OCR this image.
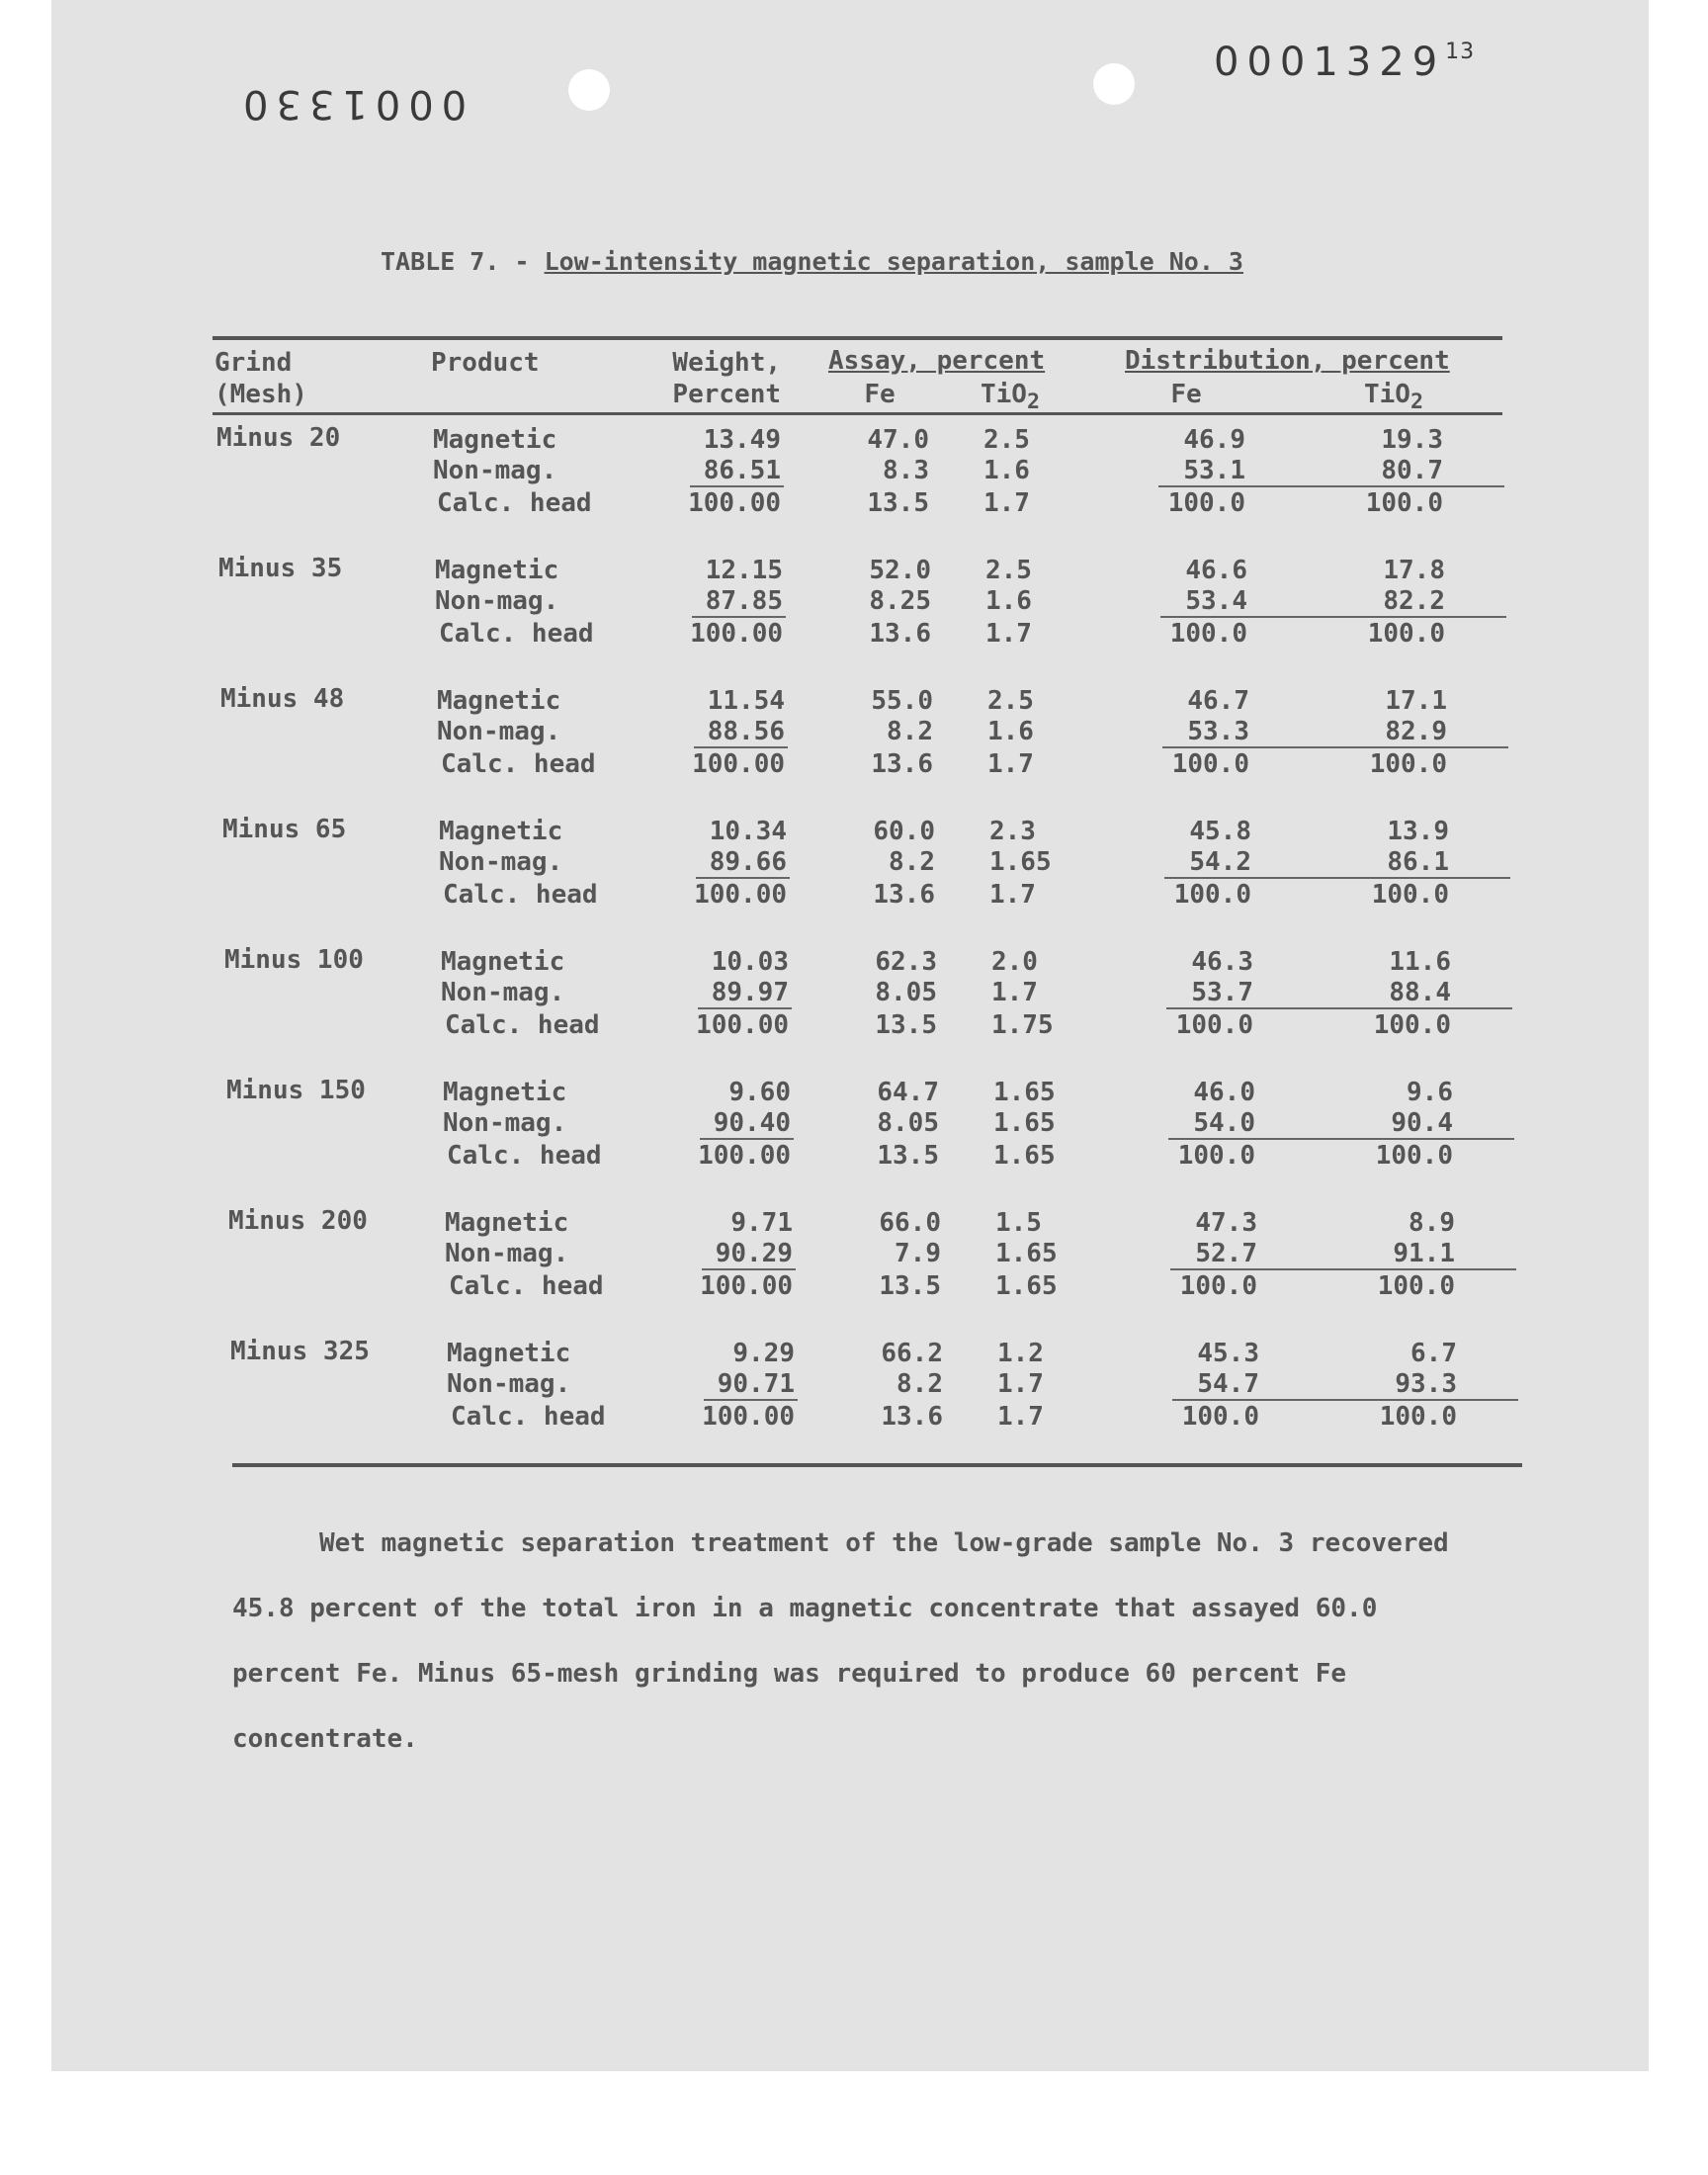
0001330
0001329$^{13}$
TABLE 7. - Low-intensity magnetic separation, sample No. 3
Grind
(Mesh)
Product	Weight,
Percent
Assay, percent	Distribution, percent
Fe	TiO$_2$	Fe	TiO$_2$
Minus 20	Magnetic	13.49	47.0 2.5	46.9	19.3
Non-mag.	86.51	8.3 1.6	53.1	80.7
Calc. head	100.00	13.5 1.7	100.0	100.0
Minus 35	Magnetic	12.15	52.0 2.5	46.6	17.8
Non-mag.	87.85	8.25 1.6	53.4	82.2
Calc. head	100.00	13.6 1.7	100.0	100.0
Minus 48	Magnetic	11.54	55.0 2.5	46.7	17.1
Non-mag.	88.56	8.2 1.6	53.3	82.9
Calc. head	100.00	13.6 1.7	100.0	100.0
Minus 65	Magnetic	10.34	60.0 2.3	45.8	13.9
Non-mag.	89.66	8.2 1.65	54.2	86.1
Calc. head	100.00	13.6 1.7	100.0	100.0
Minus 100	Magnetic	10.03	62.3 2.0	46.3	11.6
Non-mag.	89.97	8.05 1.7	53.7	88.4
Calc. head	100.00	13.5 1.75	100.0	100.0
Minus 150	Magnetic	9.60	64.7 1.65	46.0	9.6
Non-mag.	90.40	8.05 1.65	54.0	90.4
Calc. head	100.00	13.5 1.65	100.0	100.0
Minus 200	Magnetic	9.71	66.0 1.5	47.3	8.9
Non-mag.	90.29	7.9 1.65	52.7	91.1
Calc. head	100.00	13.5 1.65	100.0	100.0
Minus 325	Magnetic	9.29	66.2 1.2	45.3	6.7
Non-mag.	90.71	8.2 1.7	54.7	93.3
Calc. head	100.00	13.6 1.7	100.0	100.0
Wet magnetic separation treatment of the low-grade sample No. 3 recovered
45.8 percent of the total iron in a magnetic concentrate that assayed 60.0
percent Fe. Minus 65-mesh grinding was required to produce 60 percent Fe
concentrate.
